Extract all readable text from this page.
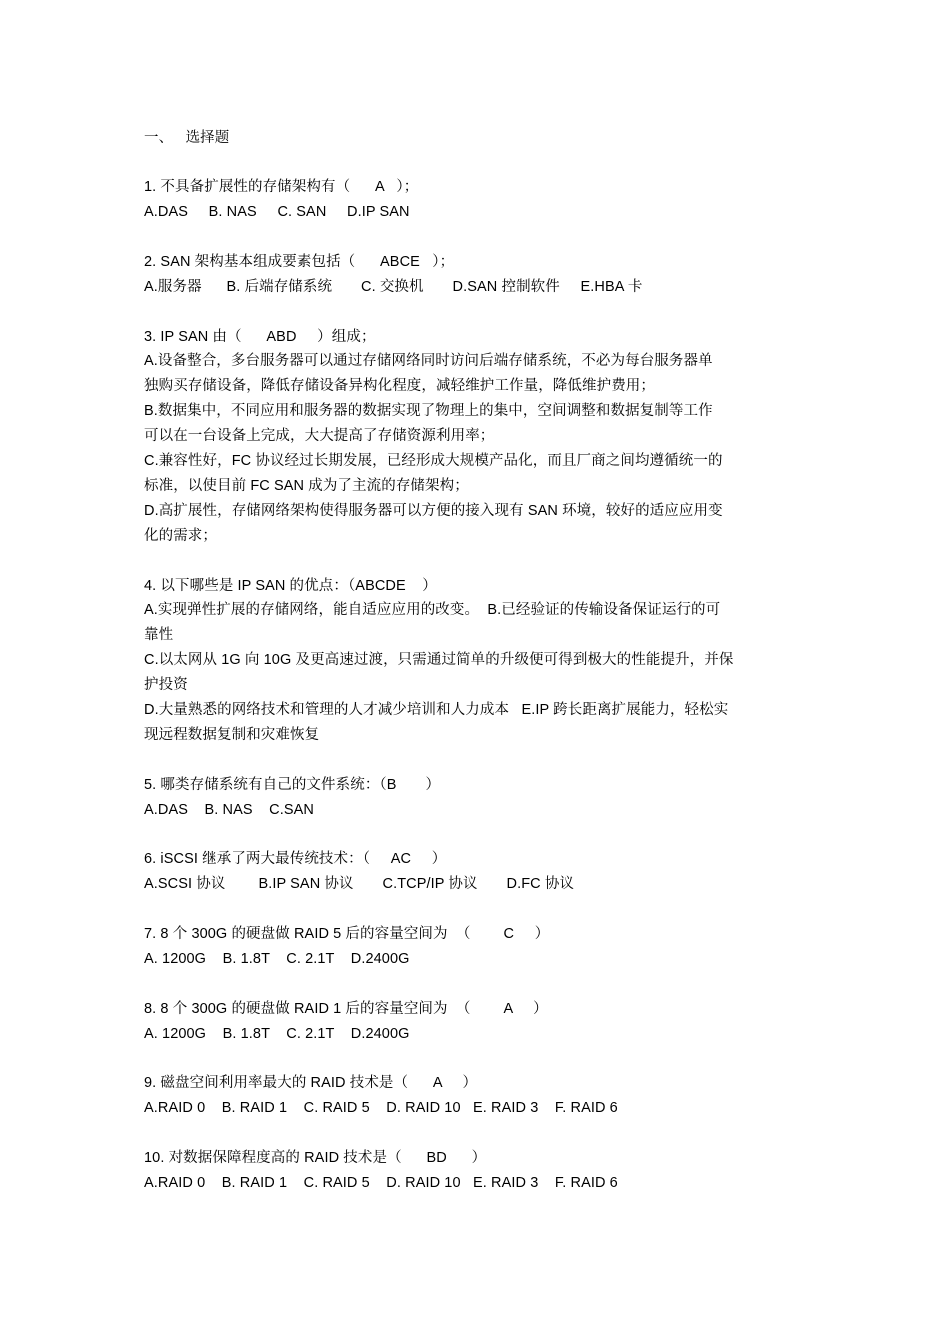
一、   选择题
1. 不具备扩展性的存储架构有（      A   ）；
A.DAS     B. NAS     C. SAN     D.IP SAN
2. SAN 架构基本组成要素包括（      ABCE   ）；
A.服务器      B. 后端存储系统       C. 交换机       D.SAN 控制软件     E.HBA 卡
3. IP SAN 由（      ABD     ）组成；
A.设备整合，多台服务器可以通过存储网络同时访问后端存储系统，不必为每台服务器单
独购买存储设备，降低存储设备异构化程度，减轻维护工作量，降低维护费用；
B.数据集中，不同应用和服务器的数据实现了物理上的集中，空间调整和数据复制等工作
可以在一台设备上完成，大大提高了存储资源利用率；
C.兼容性好，FC 协议经过长期发展，已经形成大规模产品化，而且厂商之间均遵循统一的
标准，以使目前 FC SAN 成为了主流的存储架构；
D.高扩展性，存储网络架构使得服务器可以方便的接入现有 SAN 环境，较好的适应应用变
化的需求；
4. 以下哪些是 IP SAN 的优点：（ABCDE    ）
A.实现弹性扩展的存储网络，能自适应应用的改变。  B.已经验证的传输设备保证运行的可
靠性
C.以太网从 1G 向 10G 及更高速过渡，只需通过简单的升级便可得到极大的性能提升，并保
护投资
D.大量熟悉的网络技术和管理的人才减少培训和人力成本   E.IP 跨长距离扩展能力，轻松实
现远程数据复制和灾难恢复
5. 哪类存储系统有自己的文件系统：（B       ）
A.DAS    B. NAS    C.SAN
6. iSCSI 继承了两大最传统技术：（     AC     ）
A.SCSI 协议        B.IP SAN 协议       C.TCP/IP 协议       D.FC 协议
7. 8 个 300G 的硬盘做 RAID 5 后的容量空间为  （        C     ）
A. 1200G    B. 1.8T    C. 2.1T    D.2400G
8. 8 个 300G 的硬盘做 RAID 1 后的容量空间为  （        A     ）
A. 1200G    B. 1.8T    C. 2.1T    D.2400G
9. 磁盘空间利用率最大的 RAID 技术是（      A     ）
A.RAID 0    B. RAID 1    C. RAID 5    D. RAID 10   E. RAID 3    F. RAID 6
10. 对数据保障程度高的 RAID 技术是（      BD      ）
A.RAID 0    B. RAID 1    C. RAID 5    D. RAID 10   E. RAID 3    F. RAID 6
